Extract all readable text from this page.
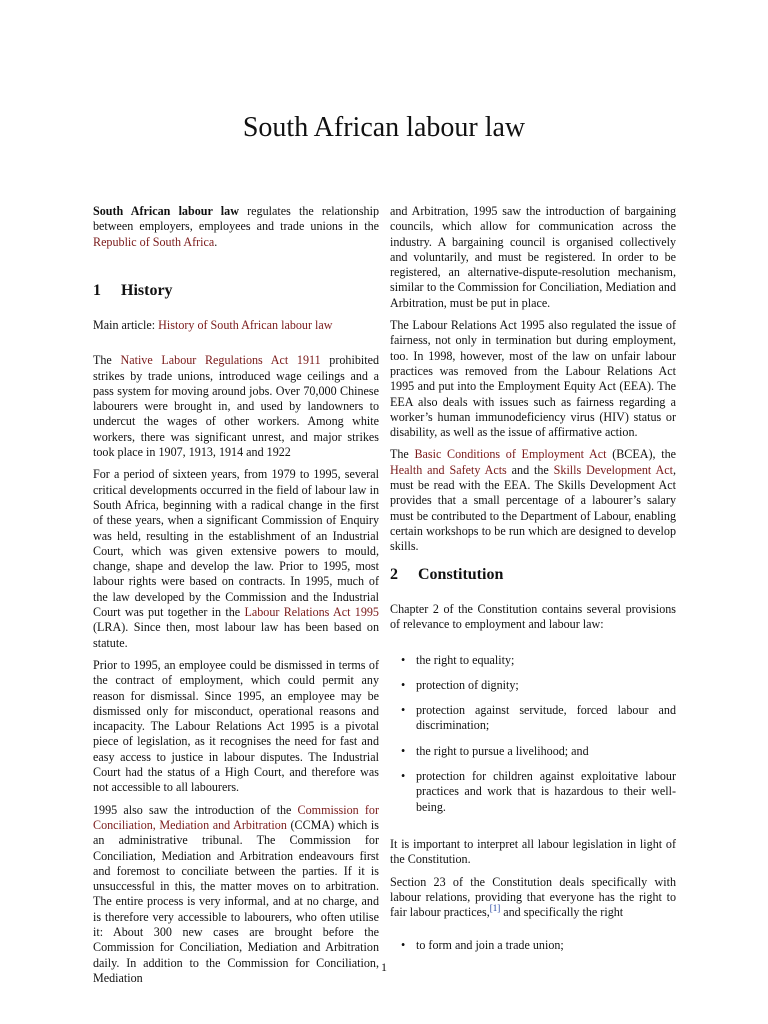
South African labour law

South African labour law regulates the relationship between employers, employees and trade unions in the Republic of South Africa.

1 History

Main article: History of South African labour law

The Native Labour Regulations Act 1911 prohibited strikes by trade unions, introduced wage ceilings and a pass system for moving around jobs. Over 70,000 Chinese labourers were brought in, and used by landowners to undercut the wages of other workers. Among white workers, there was significant unrest, and major strikes took place in 1907, 1913, 1914 and 1922

For a period of sixteen years, from 1979 to 1995, several critical developments occurred in the field of labour law in South Africa, beginning with a radical change in the first of these years, when a significant Commission of Enquiry was held, resulting in the establishment of an Industrial Court, which was given extensive powers to mould, change, shape and develop the law. Prior to 1995, most labour rights were based on contracts. In 1995, much of the law developed by the Commission and the Industrial Court was put together in the Labour Relations Act 1995 (LRA). Since then, most labour law has been based on statute.

Prior to 1995, an employee could be dismissed in terms of the contract of employment, which could permit any reason for dismissal. Since 1995, an employee may be dismissed only for misconduct, operational reasons and incapacity. The Labour Relations Act 1995 is a pivotal piece of legislation, as it recognises the need for fast and easy access to justice in labour disputes. The Industrial Court had the status of a High Court, and therefore was not accessible to all labourers.

1995 also saw the introduction of the Commission for Conciliation, Mediation and Arbitration (CCMA) which is an administrative tribunal. The Commission for Conciliation, Mediation and Arbitration endeavours first and foremost to conciliate between the parties. If it is unsuccessful in this, the matter moves on to arbitration. The entire process is very informal, and at no charge, and is therefore very accessible to labourers, who often utilise it: About 300 new cases are brought before the Commission for Conciliation, Mediation and Arbitration daily. In addition to the Commission for Conciliation, Mediation

and Arbitration, 1995 saw the introduction of bargaining councils, which allow for communication across the industry. A bargaining council is organised collectively and voluntarily, and must be registered. In order to be registered, an alternative-dispute-resolution mechanism, similar to the Commission for Conciliation, Mediation and Arbitration, must be put in place.

The Labour Relations Act 1995 also regulated the issue of fairness, not only in termination but during employment, too. In 1998, however, most of the law on unfair labour practices was removed from the Labour Relations Act 1995 and put into the Employment Equity Act (EEA). The EEA also deals with issues such as fairness regarding a worker’s human immunodeficiency virus (HIV) status or disability, as well as the issue of affirmative action.

The Basic Conditions of Employment Act (BCEA), the Health and Safety Acts and the Skills Development Act, must be read with the EEA. The Skills Development Act provides that a small percentage of a labourer’s salary must be contributed to the Department of Labour, enabling certain workshops to be run which are designed to develop skills.

2 Constitution

Chapter 2 of the Constitution contains several provisions of relevance to employment and labour law:

• the right to equality;
• protection of dignity;
• protection against servitude, forced labour and discrimination;
• the right to pursue a livelihood; and
• protection for children against exploitative labour practices and work that is hazardous to their well-being.

It is important to interpret all labour legislation in light of the Constitution.

Section 23 of the Constitution deals specifically with labour relations, providing that everyone has the right to fair labour practices,[1] and specifically the right

• to form and join a trade union;
1
